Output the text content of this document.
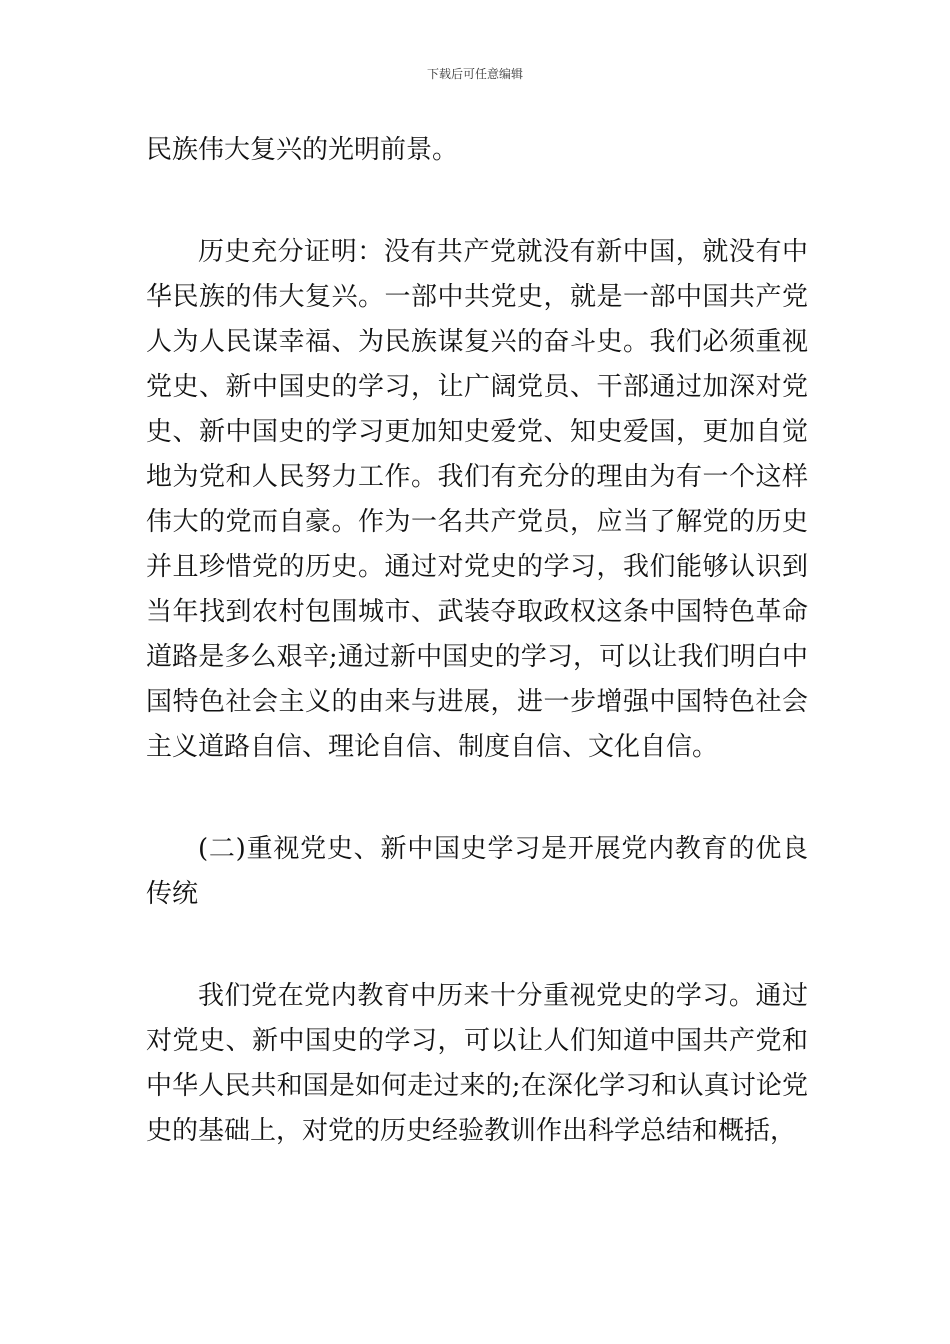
下载后可任意编辑

民族伟大复兴的光明前景。

历史充分证明：没有共产党就没有新中国，就没有中华民族的伟大复兴。一部中共党史，就是一部中国共产党人为人民谋幸福、为民族谋复兴的奋斗史。我们必须重视党史、新中国史的学习，让广阔党员、干部通过加深对党史、新中国史的学习更加知史爱党、知史爱国，更加自觉地为党和人民努力工作。我们有充分的理由为有一个这样伟大的党而自豪。作为一名共产党员，应当了解党的历史并且珍惜党的历史。通过对党史的学习，我们能够认识到当年找到农村包围城市、武装夺取政权这条中国特色革命道路是多么艰辛;通过新中国史的学习，可以让我们明白中国特色社会主义的由来与进展，进一步增强中国特色社会主义道路自信、理论自信、制度自信、文化自信。

(二)重视党史、新中国史学习是开展党内教育的优良传统

我们党在党内教育中历来十分重视党史的学习。通过对党史、新中国史的学习，可以让人们知道中国共产党和中华人民共和国是如何走过来的;在深化学习和认真讨论党史的基础上，对党的历史经验教训作出科学总结和概括，
